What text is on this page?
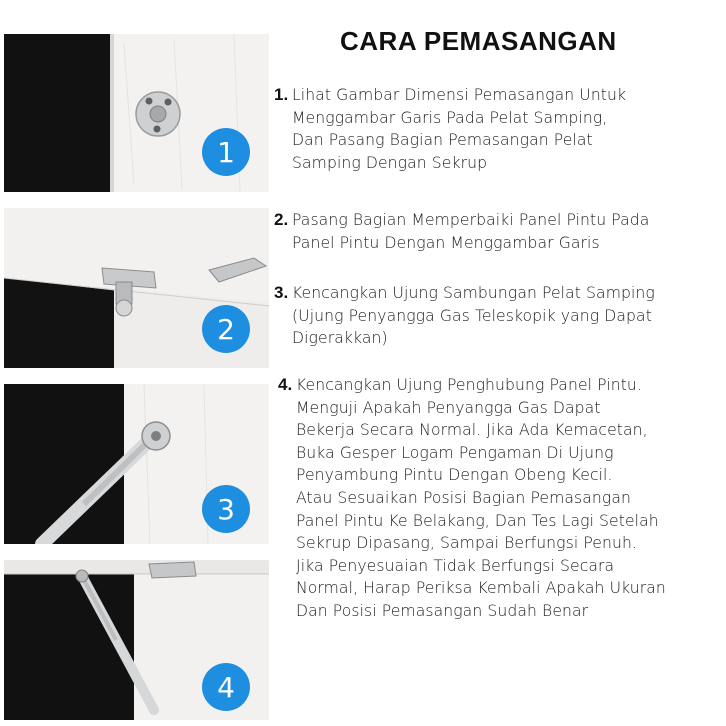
1
2
3
4
CARA PEMASANGAN
1. Lihat Gambar Dimensi Pemasangan Untuk
Menggambar Garis Pada Pelat Samping,
Dan Pasang Bagian Pemasangan Pelat
Samping Dengan Sekrup
2. Pasang Bagian Memperbaiki Panel Pintu Pada
Panel Pintu Dengan Menggambar Garis
3. Kencangkan Ujung Sambungan Pelat Samping
(Ujung Penyangga Gas Teleskopik yang Dapat
Digerakkan)
4. Kencangkan Ujung Penghubung Panel Pintu.
Menguji Apakah Penyangga Gas Dapat
Bekerja Secara Normal. Jika Ada Kemacetan,
Buka Gesper Logam Pengaman Di Ujung
Penyambung Pintu Dengan Obeng Kecil.
Atau Sesuaikan Posisi Bagian Pemasangan
Panel Pintu Ke Belakang, Dan Tes Lagi Setelah
Sekrup Dipasang, Sampai Berfungsi Penuh.
Jika Penyesuaian Tidak Berfungsi Secara
Normal, Harap Periksa Kembali Apakah Ukuran
Dan Posisi Pemasangan Sudah Benar
